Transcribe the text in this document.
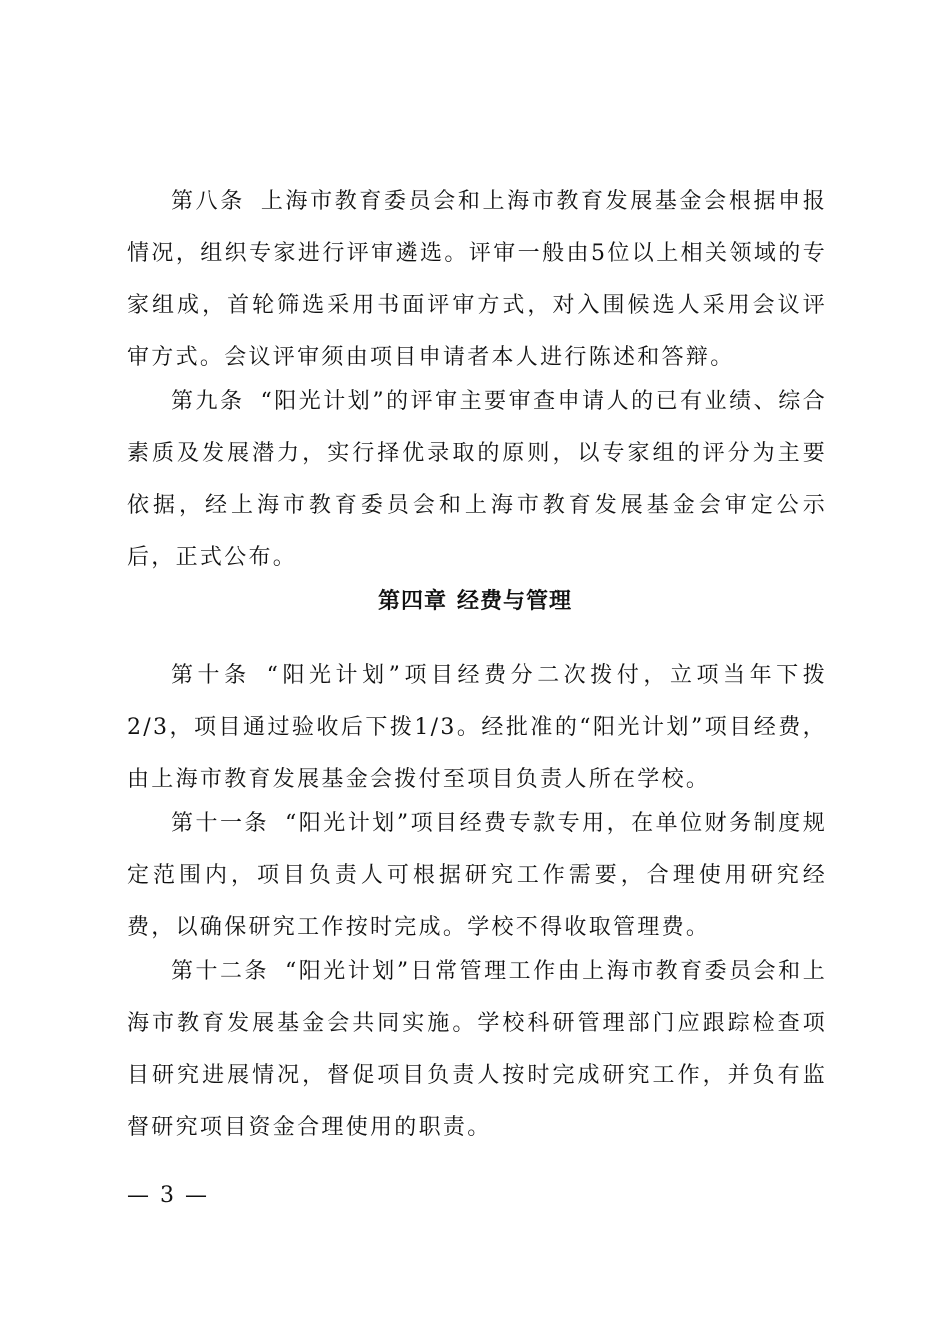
第八条 上海市教育委员会和上海市教育发展基金会根据申报情况，组织专家进行评审遴选。评审一般由5位以上相关领域的专家组成，首轮筛选采用书面评审方式，对入围候选人采用会议评审方式。会议评审须由项目申请者本人进行陈述和答辩。

第九条 “阳光计划”的评审主要审查申请人的已有业绩、综合素质及发展潜力，实行择优录取的原则，以专家组的评分为主要依据，经上海市教育委员会和上海市教育发展基金会审定公示后，正式公布。

第四章 经费与管理

第十条 “阳光计划”项目经费分二次拨付，立项当年下拨2/3，项目通过验收后下拨1/3。经批准的“阳光计划”项目经费，由上海市教育发展基金会拨付至项目负责人所在学校。

第十一条 “阳光计划”项目经费专款专用，在单位财务制度规定范围内，项目负责人可根据研究工作需要，合理使用研究经费，以确保研究工作按时完成。学校不得收取管理费。

第十二条 “阳光计划”日常管理工作由上海市教育委员会和上海市教育发展基金会共同实施。学校科研管理部门应跟踪检查项目研究进展情况，督促项目负责人按时完成研究工作，并负有监督研究项目资金合理使用的职责。

— 3 —
